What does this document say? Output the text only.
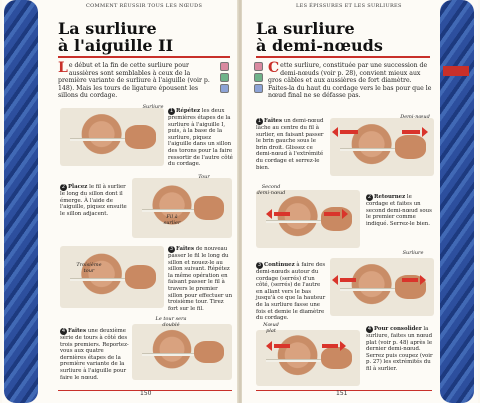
COMMENT RÉUSSIR TOUS LES NŒUDS
La surliure
à l'aiguille II
Le début et la fin de cette surliure pour aussières sont semblables à ceux de la première variante de surliure à l'aiguille (voir p. 148). Mais les tours de ligature épousent les sillons du cordage.
Surliure
1 Répétez les deux premières étapes de la surliure à l'aiguille I, puis, à la base de la surliure, piquez l'aiguille dans un sillon des torons pour la faire ressortir de l'autre côté du cordage.
2 Placez le fil à surlier le long du sillon dont il émerge. À l'aide de l'aiguille, piquez ensuite le sillon adjacent.
Tour
Fil à surlier
Troisième tour
3 Faites de nouveau passer le fil le long du sillon et nouez-le au sillon suivant. Répétez la même opération en faisant passer le fil à travers le premier sillon pour effectuer un troisième tour. Tirez fort sur le fil.
4 Faites une deuxième série de tours à côté des trois premiers. Reportez-vous aux quatre dernières étapes de la première variante de la surliure à l'aiguille pour faire le nœud.
Le tour sera doublé
150
LES ÉPISSURES ET LES SURLIURES
La surliure
à demi-nœuds
Cette surliure, constituée par une succession de demi-nœuds (voir p. 28), convient mieux aux gros câbles et aux aussières de fort diamètre. Faites-la du haut du cordage vers le bas pour que le nœud final ne se défasse pas.
1 Faites un demi-nœud lâche au centre du fil à surlier, en faisant passer le brin gauche sous le brin droit. Glissez ce demi-nœud à l'extrémité du cordage et serrez-le bien.
Demi-nœud
Second demi-nœud
2 Retournez le cordage et faites un second demi-nœud sous le premier comme indiqué. Serrez-le bien.
3 Continuez à faire des demi-nœuds autour du cordage (serrés) d'un côté, (serrés) de l'autre en allant vers le bas jusqu'à ce que la hauteur de la surliure fasse une fois et demie le diamètre du cordage.
Surliure
Nœud plat	4 Pour consolider la surliure, faites un nœud plat (voir p. 48) après le dernier demi-nœud. Serrez puis coupez (voir p. 27) les extrémités du fil à surlier.
151
